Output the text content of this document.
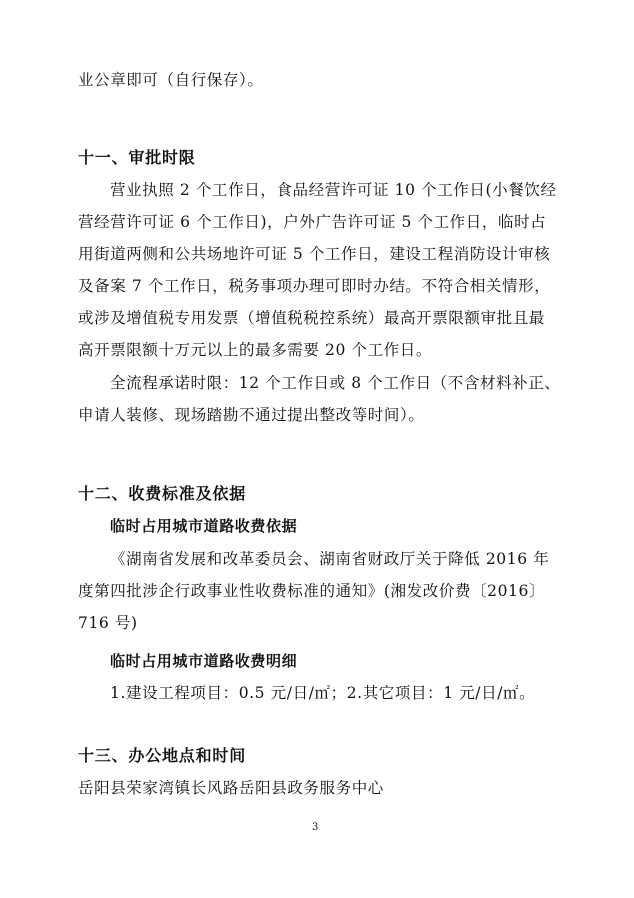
业公章即可（自行保存）。
十一、审批时限
营业执照 2 个工作日，食品经营许可证 10 个工作日(小餐饮经
营经营许可证 6 个工作日)，户外广告许可证 5 个工作日，临时占
用街道两侧和公共场地许可证 5 个工作日，建设工程消防设计审核
及备案 7 个工作日，税务事项办理可即时办结。不符合相关情形，
或涉及增值税专用发票（增值税税控系统）最高开票限额审批且最
高开票限额十万元以上的最多需要 20 个工作日。
全流程承诺时限：12 个工作日或 8 个工作日（不含材料补正、
申请人装修、现场踏勘不通过提出整改等时间）。
十二、收费标准及依据
临时占用城市道路收费依据
《湖南省发展和改革委员会、湖南省财政厅关于降低 2016 年
度第四批涉企行政事业性收费标准的通知》(湘发改价费〔2016〕
716 号)
临时占用城市道路收费明细
1.建设工程项目：0.5 元/日/㎡；2.其它项目：1 元/日/㎡。
十三、办公地点和时间
岳阳县荣家湾镇长风路岳阳县政务服务中心
3
